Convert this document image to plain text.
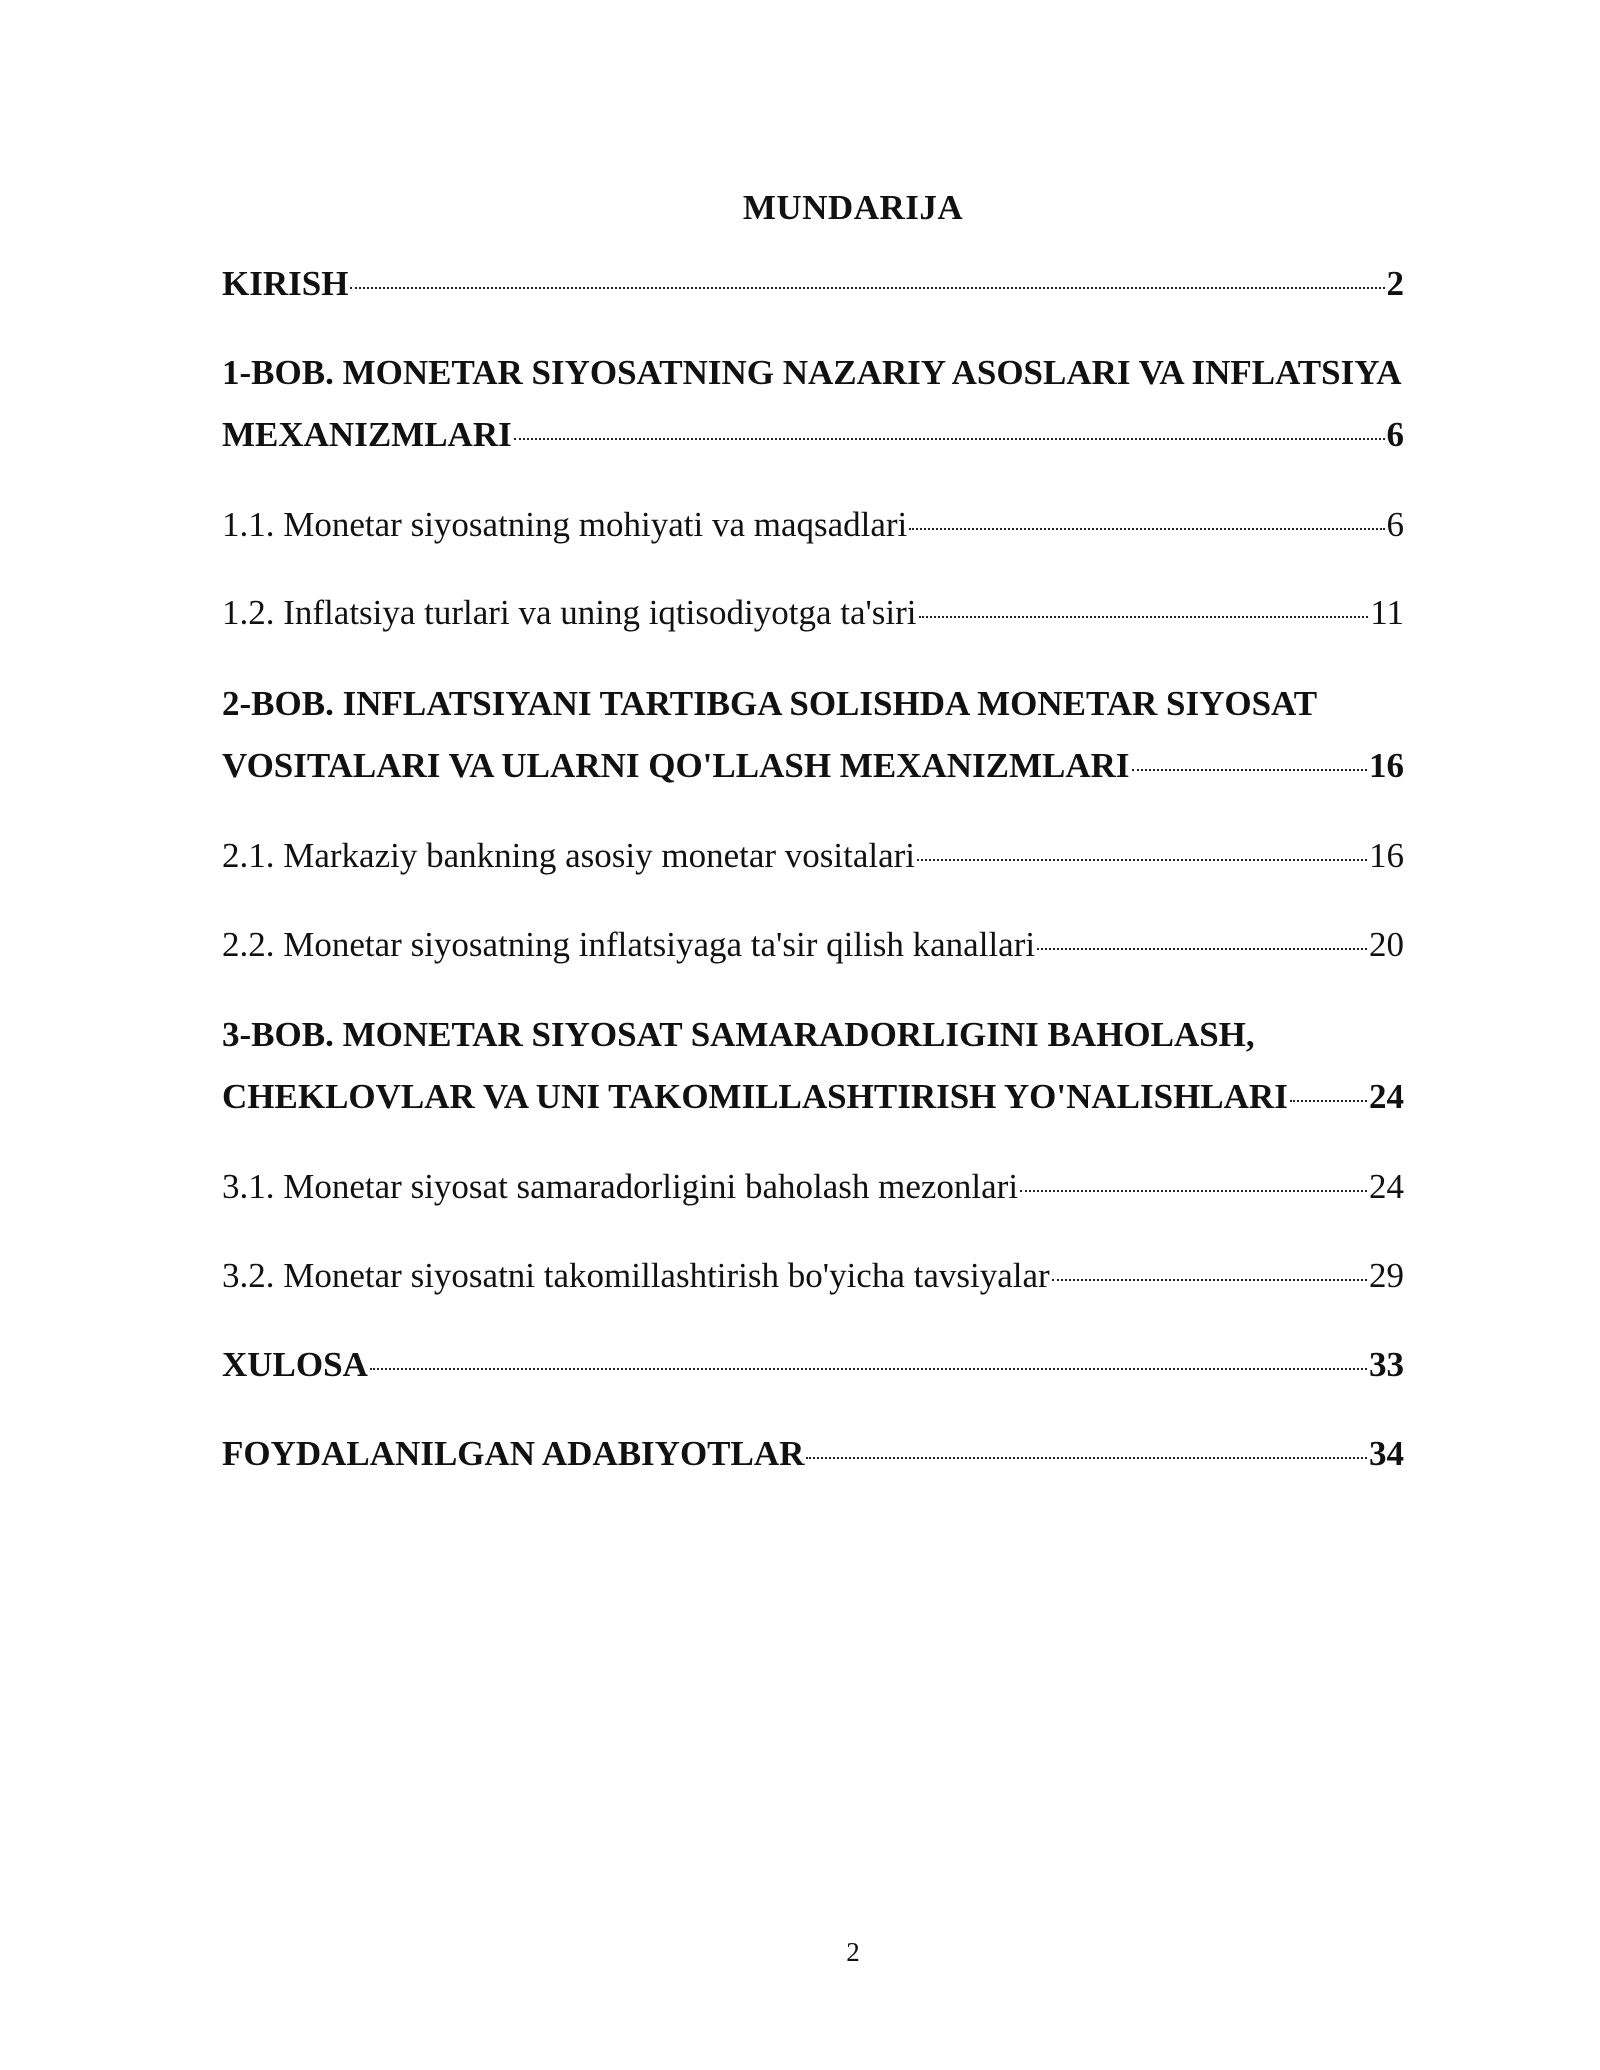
MUNDARIJA
KIRISH	2
1-BOB. MONETAR SIYOSATNING NAZARIY ASOSLARI VA INFLATSIYA
MEXANIZMLARI	6
1.1. Monetar siyosatning mohiyati va maqsadlari	6
1.2. Inflatsiya turlari va uning iqtisodiyotga ta'siri	11
2-BOB. INFLATSIYANI TARTIBGA SOLISHDA MONETAR SIYOSAT
VOSITALARI VA ULARNI QO'LLASH MEXANIZMLARI	16
2.1. Markaziy bankning asosiy monetar vositalari	16
2.2. Monetar siyosatning inflatsiyaga ta'sir qilish kanallari	20
3-BOB. MONETAR SIYOSAT SAMARADORLIGINI BAHOLASH,
CHEKLOVLAR VA UNI TAKOMILLASHTIRISH YO'NALISHLARI 24
3.1. Monetar siyosat samaradorligini baholash mezonlari	24
3.2. Monetar siyosatni takomillashtirish bo'yicha tavsiyalar	29
XULOSA	33
FOYDALANILGAN ADABIYOTLAR	34
2
